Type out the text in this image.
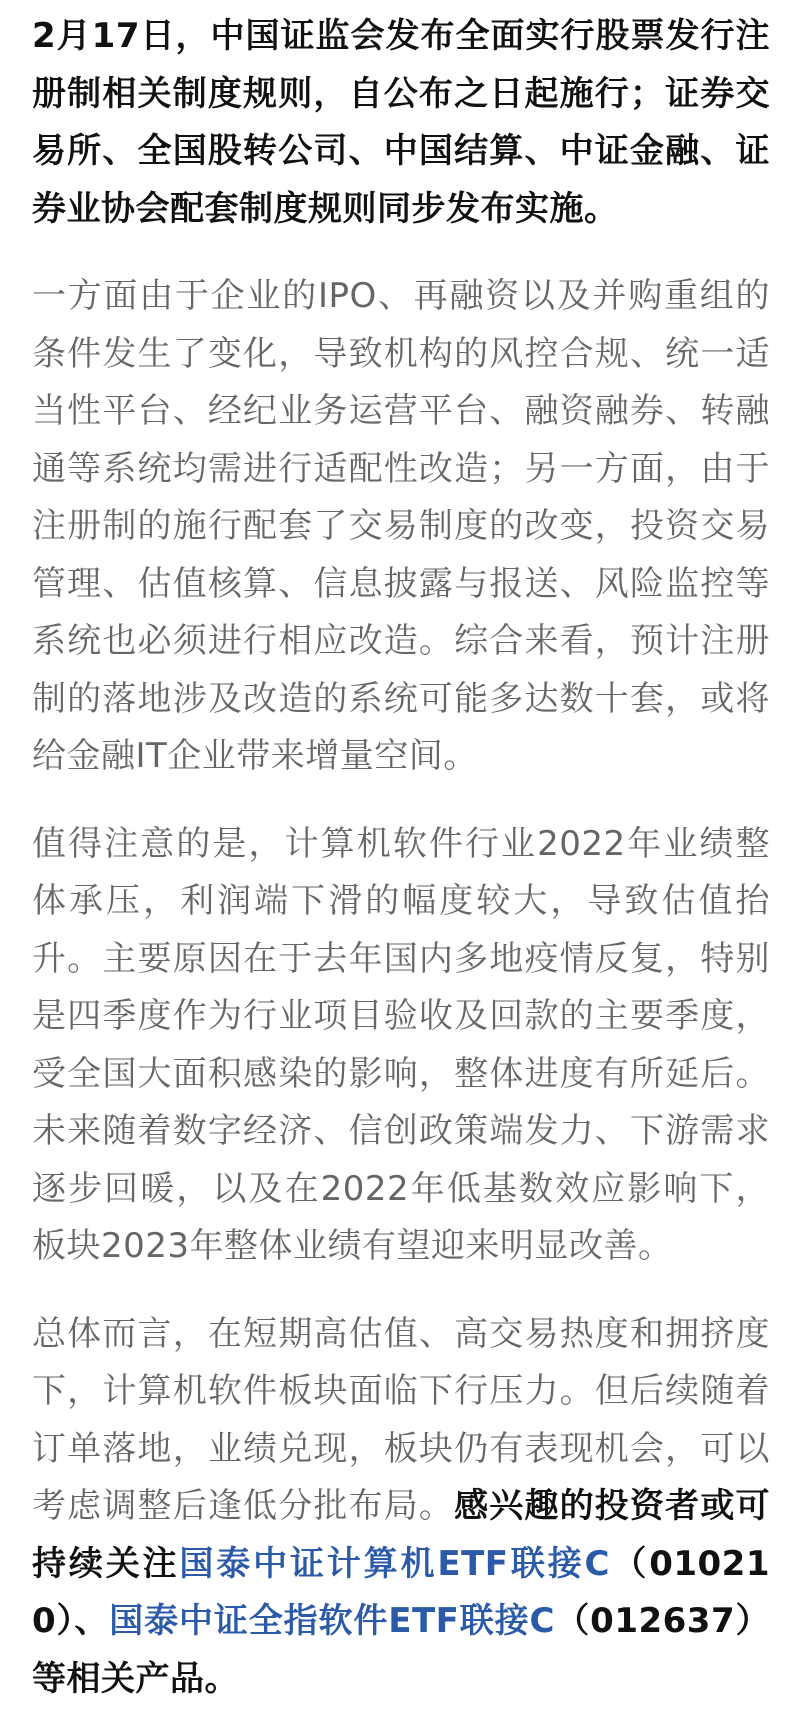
2月17日，中国证监会发布全面实行股票发行注册制相关制度规则，自公布之日起施行；证券交易所、全国股转公司、中国结算、中证金融、证券业协会配套制度规则同步发布实施。

一方面由于企业的IPO、再融资以及并购重组的条件发生了变化，导致机构的风控合规、统一适当性平台、经纪业务运营平台、融资融券、转融通等系统均需进行适配性改造；另一方面，由于注册制的施行配套了交易制度的改变，投资交易管理、估值核算、信息披露与报送、风险监控等系统也必须进行相应改造。综合来看，预计注册制的落地涉及改造的系统可能多达数十套，或将给金融IT企业带来增量空间。

值得注意的是，计算机软件行业2022年业绩整体承压，利润端下滑的幅度较大，导致估值抬升。主要原因在于去年国内多地疫情反复，特别是四季度作为行业项目验收及回款的主要季度，受全国大面积感染的影响，整体进度有所延后。未来随着数字经济、信创政策端发力、下游需求逐步回暖，以及在2022年低基数效应影响下，板块2023年整体业绩有望迎来明显改善。

总体而言，在短期高估值、高交易热度和拥挤度下，计算机软件板块面临下行压力。但后续随着订单落地，业绩兑现，板块仍有表现机会，可以考虑调整后逢低分批布局。感兴趣的投资者或可持续关注国泰中证计算机ETF联接C（010210）、国泰中证全指软件ETF联接C（012637）等相关产品。
